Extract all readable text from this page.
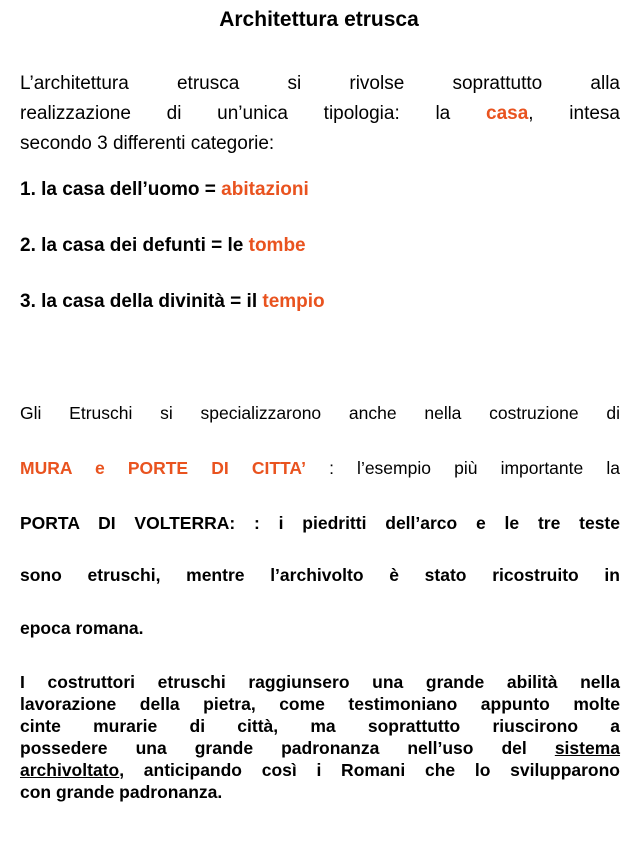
Architettura etrusca
L’architettura etrusca si rivolse soprattutto alla
realizzazione di un’unica tipologia: la casa, intesa
secondo 3 differenti categorie:
1. la casa dell’uomo = abitazioni
2. la casa dei defunti = le tombe
3. la casa della divinità = il tempio
Gli Etruschi si specializzarono anche nella costruzione di
MURA e PORTE DI CITTA’ : l’esempio più importante la
PORTA DI VOLTERRA: : i piedritti dell’arco e le tre teste
sono etruschi, mentre l’archivolto è stato ricostruito in
epoca romana.
I costruttori etruschi raggiunsero una grande abilità nella
lavorazione della pietra, come testimoniano appunto molte
cinte murarie di città, ma soprattutto riuscirono a
possedere una grande padronanza nell’uso del sistema
archivoltato, anticipando così i Romani che lo svilupparono
con grande padronanza.
